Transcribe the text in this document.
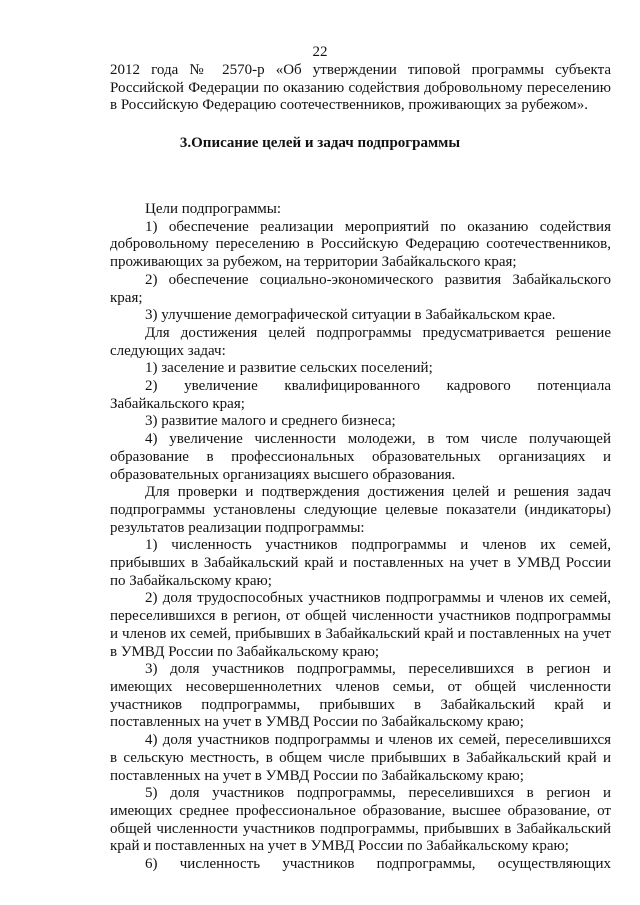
22

2012 года № 2570-р «Об утверждении типовой программы субъекта

Российской Федерации по оказанию содействия добровольному переселению

в Российскую Федерацию соотечественников, проживающих за рубежом».

3.Описание целей и задач подпрограммы

Цели подпрограммы:

1) обеспечение реализации мероприятий по оказанию содействия

добровольному переселению в Российскую Федерацию соотечественников,

проживающих за рубежом, на территории Забайкальского края;

2) обеспечение социально-экономического развития Забайкальского

края;

3) улучшение демографической ситуации в Забайкальском крае.

Для достижения целей подпрограммы предусматривается решение

следующих задач:

1) заселение и развитие сельских поселений;

2) увеличение квалифицированного кадрового потенциала

Забайкальского края;

3) развитие малого и среднего бизнеса;

4) увеличение численности молодежи, в том числе получающей

образование в профессиональных образовательных организациях и

образовательных организациях высшего образования.

Для проверки и подтверждения достижения целей и решения задач

подпрограммы установлены следующие целевые показатели (индикаторы)

результатов реализации подпрограммы:

1) численность участников подпрограммы и членов их семей,

прибывших в Забайкальский край и поставленных на учет в УМВД России

по Забайкальскому краю;

2) доля трудоспособных участников подпрограммы и членов их семей,

переселившихся в регион, от общей численности участников подпрограммы

и членов их семей, прибывших в Забайкальский край и поставленных на учет

в УМВД России по Забайкальскому краю;

3) доля участников подпрограммы, переселившихся в регион и

имеющих несовершеннолетних членов семьи, от общей численности

участников подпрограммы, прибывших в Забайкальский край и

поставленных на учет в УМВД России по Забайкальскому краю;

4) доля участников подпрограммы и членов их семей, переселившихся

в сельскую местность, в общем числе прибывших в Забайкальский край и

поставленных на учет в УМВД России по Забайкальскому краю;

5) доля участников подпрограммы, переселившихся в регион и

имеющих среднее профессиональное образование, высшее образование, от

общей численности участников подпрограммы, прибывших в Забайкальский

край и поставленных на учет в УМВД России по Забайкальскому краю;

6) численность участников подпрограммы, осуществляющих
